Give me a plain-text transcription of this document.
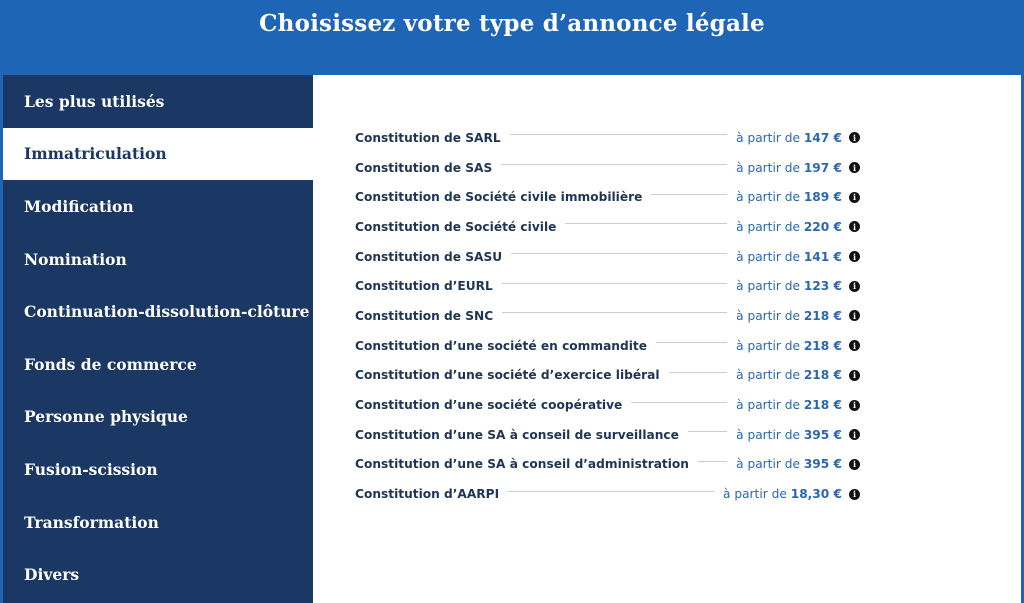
Choisissez votre type d’annonce légale
Les plus utilisés
Immatriculation
Modification
Nomination
Continuation-dissolution-clôture
Fonds de commerce
Personne physique
Fusion-scission
Transformation
Divers
Constitution de SARL	à partir de 147 €	i
Constitution de SAS	à partir de 197 €	i
Constitution de Société civile immobilière	à partir de 189 €	i
Constitution de Société civile	à partir de 220 €	i
Constitution de SASU	à partir de 141 €	i
Constitution d’EURL	à partir de 123 €	i
Constitution de SNC	à partir de 218 €	i
Constitution d’une société en commandite	à partir de 218 €	i
Constitution d’une société d’exercice libéral	à partir de 218 €	i
Constitution d’une société coopérative	à partir de 218 €	i
Constitution d’une SA à conseil de surveillance	à partir de 395 €	i
Constitution d’une SA à conseil d’administration	à partir de 395 €	i
Constitution d’AARPI	à partir de 18,30 €	i
